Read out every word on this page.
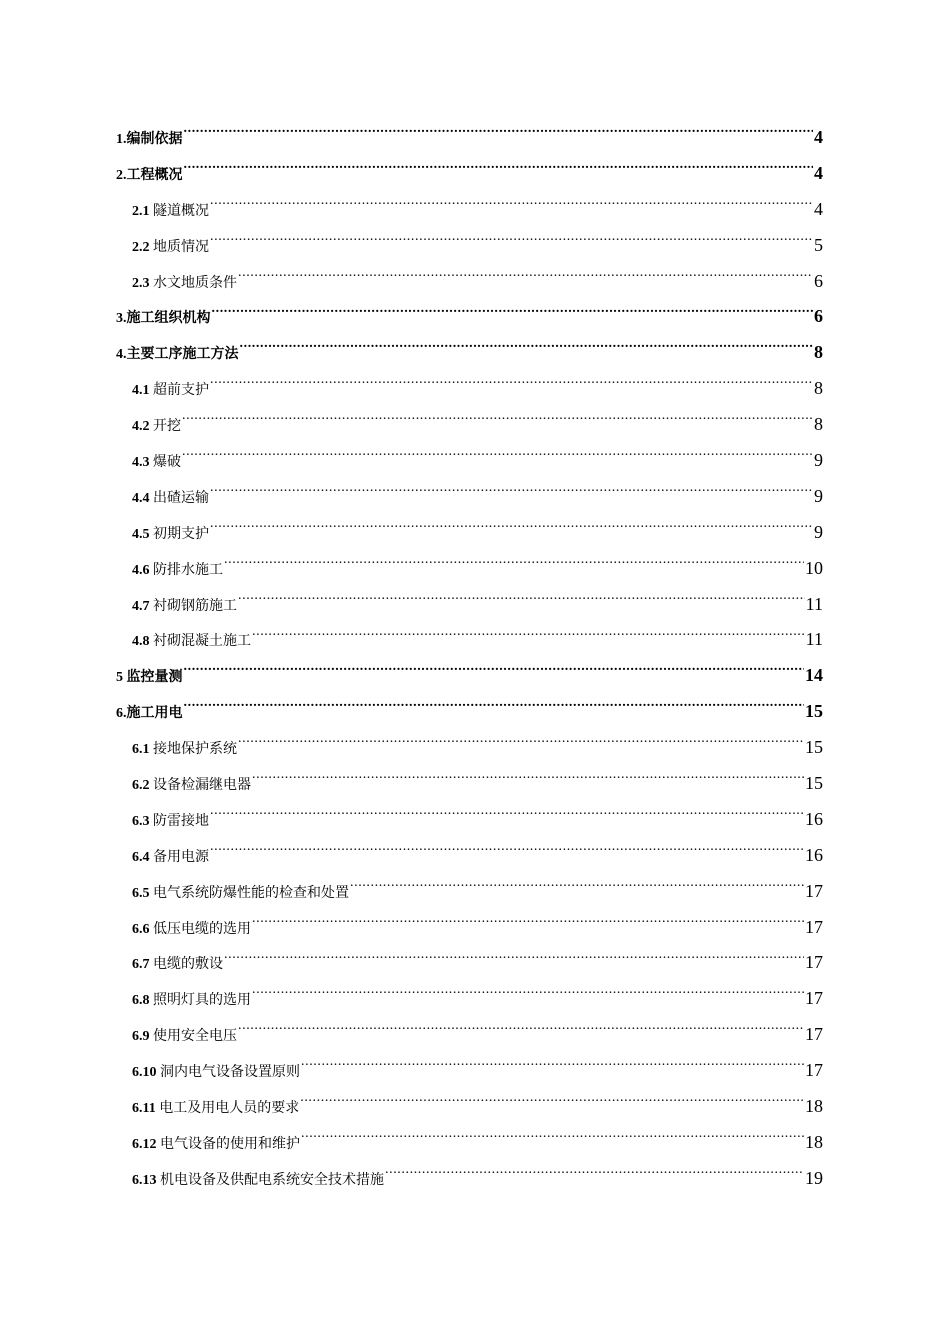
1.编制依据 .....	4
2.工程概况 .....	4
2.1 隧道概况 .....	4
2.2 地质情况 .....	5
2.3 水文地质条件 .....	6
3.施工组织机构 .....	6
4.主要工序施工方法 .....	8
4.1 超前支护 .....	8
4.2 开挖 .....	8
4.3 爆破 .....	9
4.4 出碴运输 .....	9
4.5 初期支护 .....	9
4.6 防排水施工 .....	10
4.7 衬砌钢筋施工 .....	11
4.8 衬砌混凝土施工 .....	11
5 监控量测 .....	14
6.施工用电 .....	15
6.1 接地保护系统 .....	15
6.2 设备检漏继电器 .....	15
6.3 防雷接地 .....	16
6.4 备用电源 .....	16
6.5 电气系统防爆性能的检查和处置 .....	17
6.6 低压电缆的选用 .....	17
6.7 电缆的敷设 .....	17
6.8 照明灯具的选用 .....	17
6.9 使用安全电压 .....	17
6.10 洞内电气设备设置原则 .....	17
6.11 电工及用电人员的要求 .....	18
6.12 电气设备的使用和维护 .....	18
6.13 机电设备及供配电系统安全技术措施 .....	19
